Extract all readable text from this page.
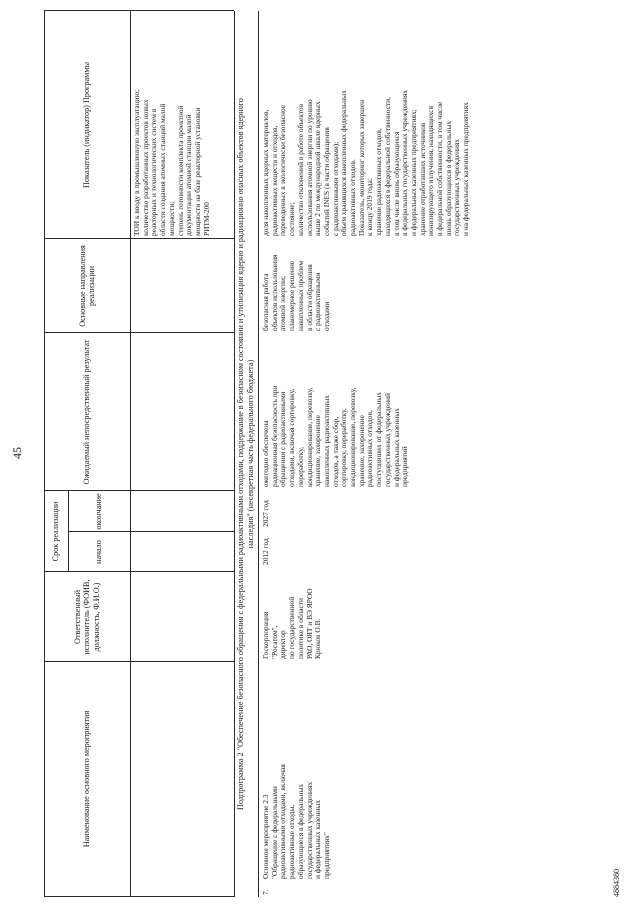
45
Наименование основного мероприятия
Ответственный исполнитель (ФОИВ, должность, Ф.И.О.)
Срок реализации	начало
окончание
Ожидаемый непосредственный результат
Основные направления реализации
Показатель (индикатор) Программы
ТОИ к вводу в промышленную эксплуатацию;
количество разработанных проектов новых
реакторных и технологических систем в
области создания атомных станций малой
мощности;
степень готовности комплекта проектной
документации атомной станции малой
мощности на базе реакторной установки
РИТМ-200
Подпрограмма 2 "Обеспечение безопасного обращения с федеральными радиоактивными отходами, поддержание в безопасном состоянии и утилизация ядерно и радиационно опасных объектов ядерного
наследия" (несекретная часть федерального бюджета)
7.
Основное мероприятие 2.3
"Обращение с федеральными
радиоактивными отходами, включая
радиоактивные отходы,
образующиеся в федеральных
государственных учреждениях
и федеральных казенных
предприятиях"
Госкорпорация
"Росатом",
директор
по государственной
политике в области
РАО, ОЯТ и ВЭ ЯРОО
Крюков О.В.
2012 год
2027 год
ежегодно обеспечена
радиационная безопасность при
обращении с радиоактивными
отходами, включая сортировку,
переработку,
кондиционирование, перевозку,
хранение, захоронение
накопленных радиоактивных
отходов, а также сбор,
сортировку, переработку,
кондиционирование, перевозку,
хранение, захоронение
радиоактивных отходов,
поступивших от федеральных
государственных учреждений
и федеральных казенных
предприятий
безопасная работа
объектов использования
атомной энергии;
планомерное решение
накопленных проблем
в области обращения
с радиоактивными
отходами
доля накопленных ядерных материалов,
радиоактивных веществ и отходов,
переведенных в экологически безопасное
состояние;
количество отклонений в работе объектов
использования атомной энергии по уровню
выше 2 по международной шкале ядерных
событий INES (в части обращения
с радиоактивными отходами);
объем хранящихся накопленных федеральных
радиоактивных отходов.
Показатель, мониторинг которых завершен
к концу 2019 года:
хранение радиоактивных отходов,
находящихся в федеральной собственности,
в том числе вновь образующихся
в федеральных государственных учреждениях
и федеральных казенных предприятиях;
хранение отработавших источников
ионизирующего излучения, находящихся
в федеральной собственности, в том числе
вновь образующихся в федеральных
государственных учреждениях
и на федеральных казенных предприятиях
4884380
